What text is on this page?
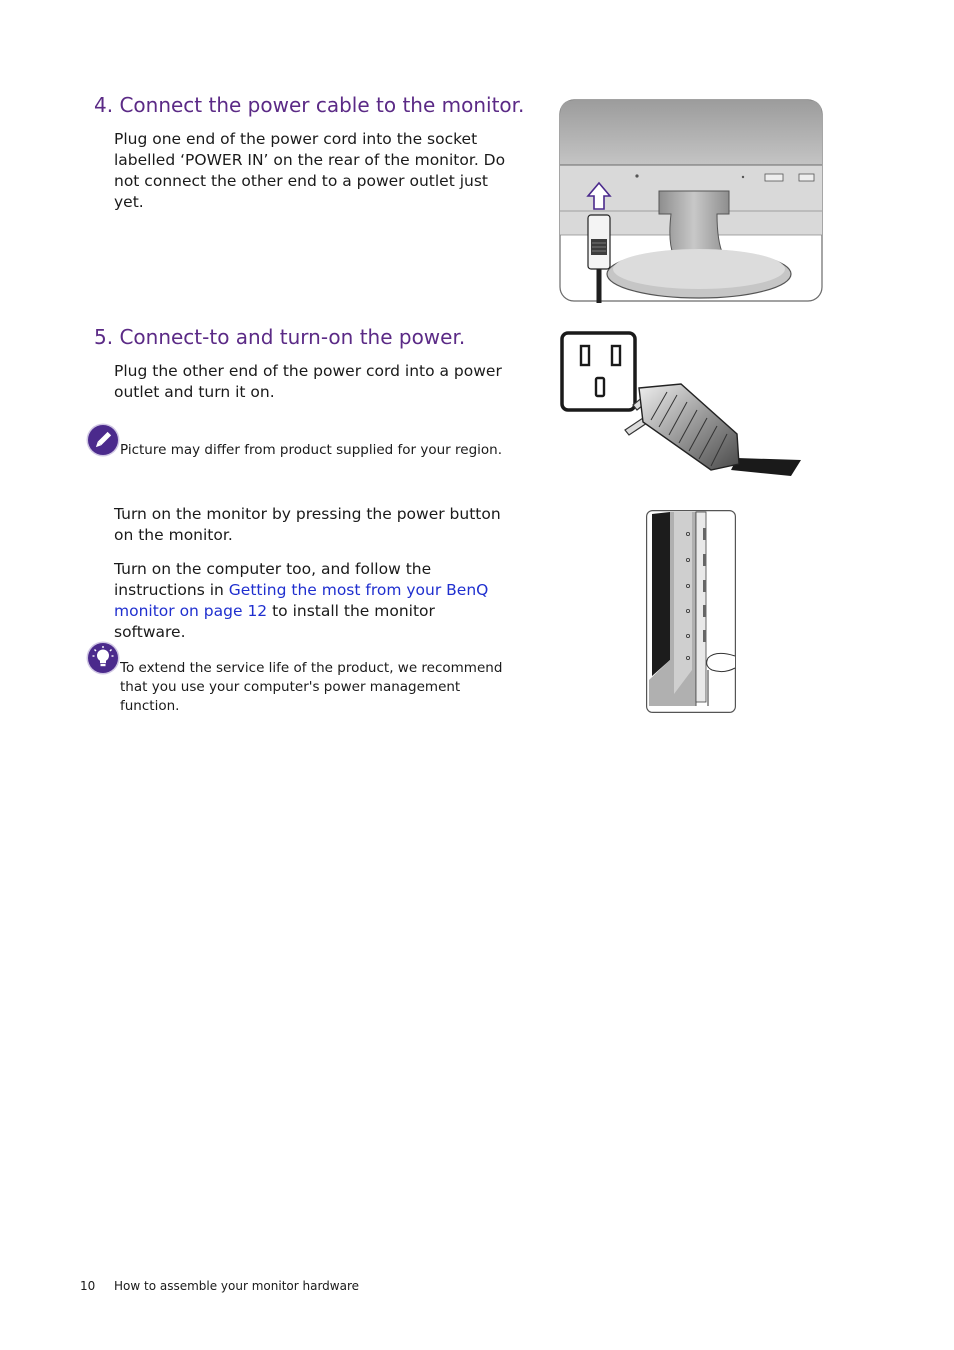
4. Connect the power cable to the monitor.

Plug one end of the power cord into the socket labelled ‘POWER IN’ on the rear of the monitor. Do not connect the other end to a power outlet just yet.

5. Connect-to and turn-on the power.

Plug the other end of the power cord into a power outlet and turn it on.

Picture may differ from product supplied for your region.

Turn on the monitor by pressing the power button on the monitor.

Turn on the computer too, and follow the instructions in Getting the most from your BenQ monitor on page 12 to install the monitor software.

To extend the service life of the product, we recommend that you use your computer's power management function.

10 How to assemble your monitor hardware
